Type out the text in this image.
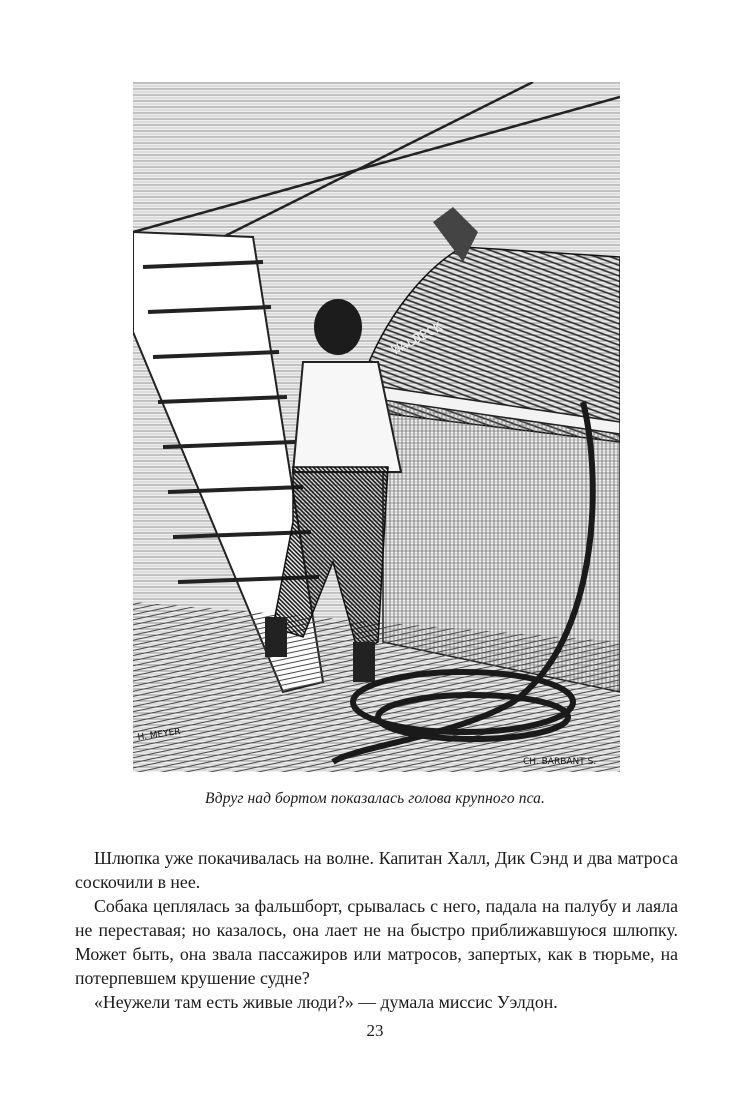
WALDECK
H. MEYER
CH. BARBANT S.
Вдруг над бортом показалась голова крупного пса.

Шлюпка уже покачивалась на волне. Капитан Халл, Дик Сэнд и два матроса соскочили в нее.

Собака цеплялась за фальшборт, срывалась с него, падала на палубу и лаяла не переставая; но казалось, она лает не на быстро приближавшуюся шлюпку. Может быть, она звала пассажиров или матросов, запертых, как в тюрьме, на потерпевшем крушение судне?

«Неужели там есть живые люди?» — думала миссис Уэлдон.

23
